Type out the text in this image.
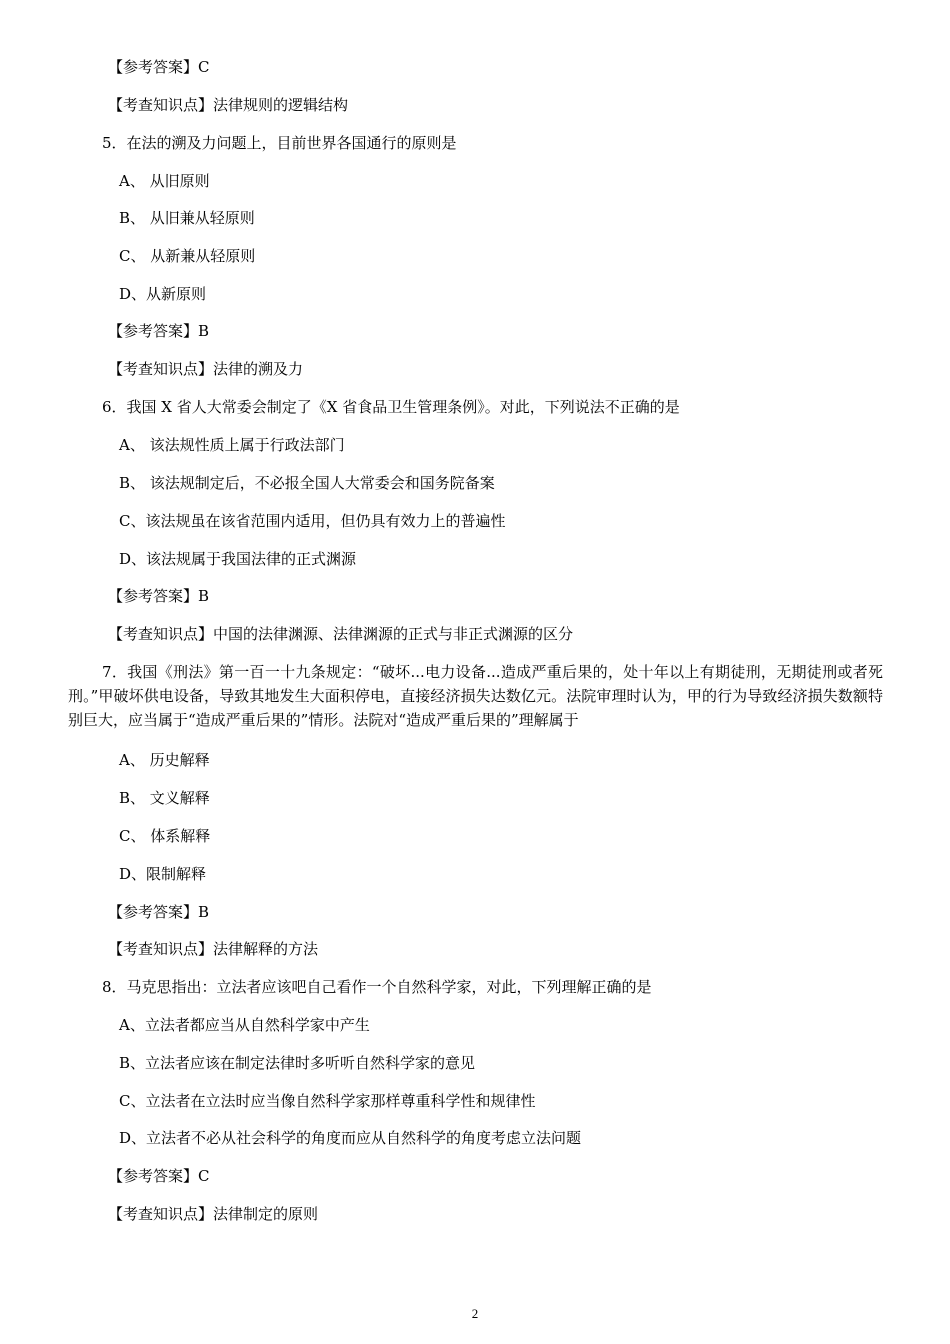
【参考答案】C
【考查知识点】法律规则的逻辑结构
5．在法的溯及力问题上，目前世界各国通行的原则是
A、 从旧原则
B、 从旧兼从轻原则
C、 从新兼从轻原则
D、从新原则
【参考答案】B
【考查知识点】法律的溯及力
6．我国 X 省人大常委会制定了《X 省食品卫生管理条例》。对此，下列说法不正确的是
A、 该法规性质上属于行政法部门
B、 该法规制定后，不必报全国人大常委会和国务院备案
C、该法规虽在该省范围内适用，但仍具有效力上的普遍性
D、该法规属于我国法律的正式渊源
【参考答案】B
【考查知识点】中国的法律渊源、法律渊源的正式与非正式渊源的区分
7．我国《刑法》第一百一十九条规定：“破坏...电力设备...造成严重后果的，处十年以上有期徒刑，无期徒刑或者死刑。”甲破坏供电设备，导致其地发生大面积停电，直接经济损失达数亿元。法院审理时认为，甲的行为导致经济损失数额特别巨大，应当属于“造成严重后果的”情形。法院对“造成严重后果的”理解属于
A、 历史解释
B、 文义解释
C、 体系解释
D、限制解释
【参考答案】B
【考查知识点】法律解释的方法
8．马克思指出：立法者应该吧自己看作一个自然科学家，对此，下列理解正确的是
A、立法者都应当从自然科学家中产生
B、立法者应该在制定法律时多听听自然科学家的意见
C、立法者在立法时应当像自然科学家那样尊重科学性和规律性
D、立法者不必从社会科学的角度而应从自然科学的角度考虑立法问题
【参考答案】C
【考查知识点】法律制定的原则
2
